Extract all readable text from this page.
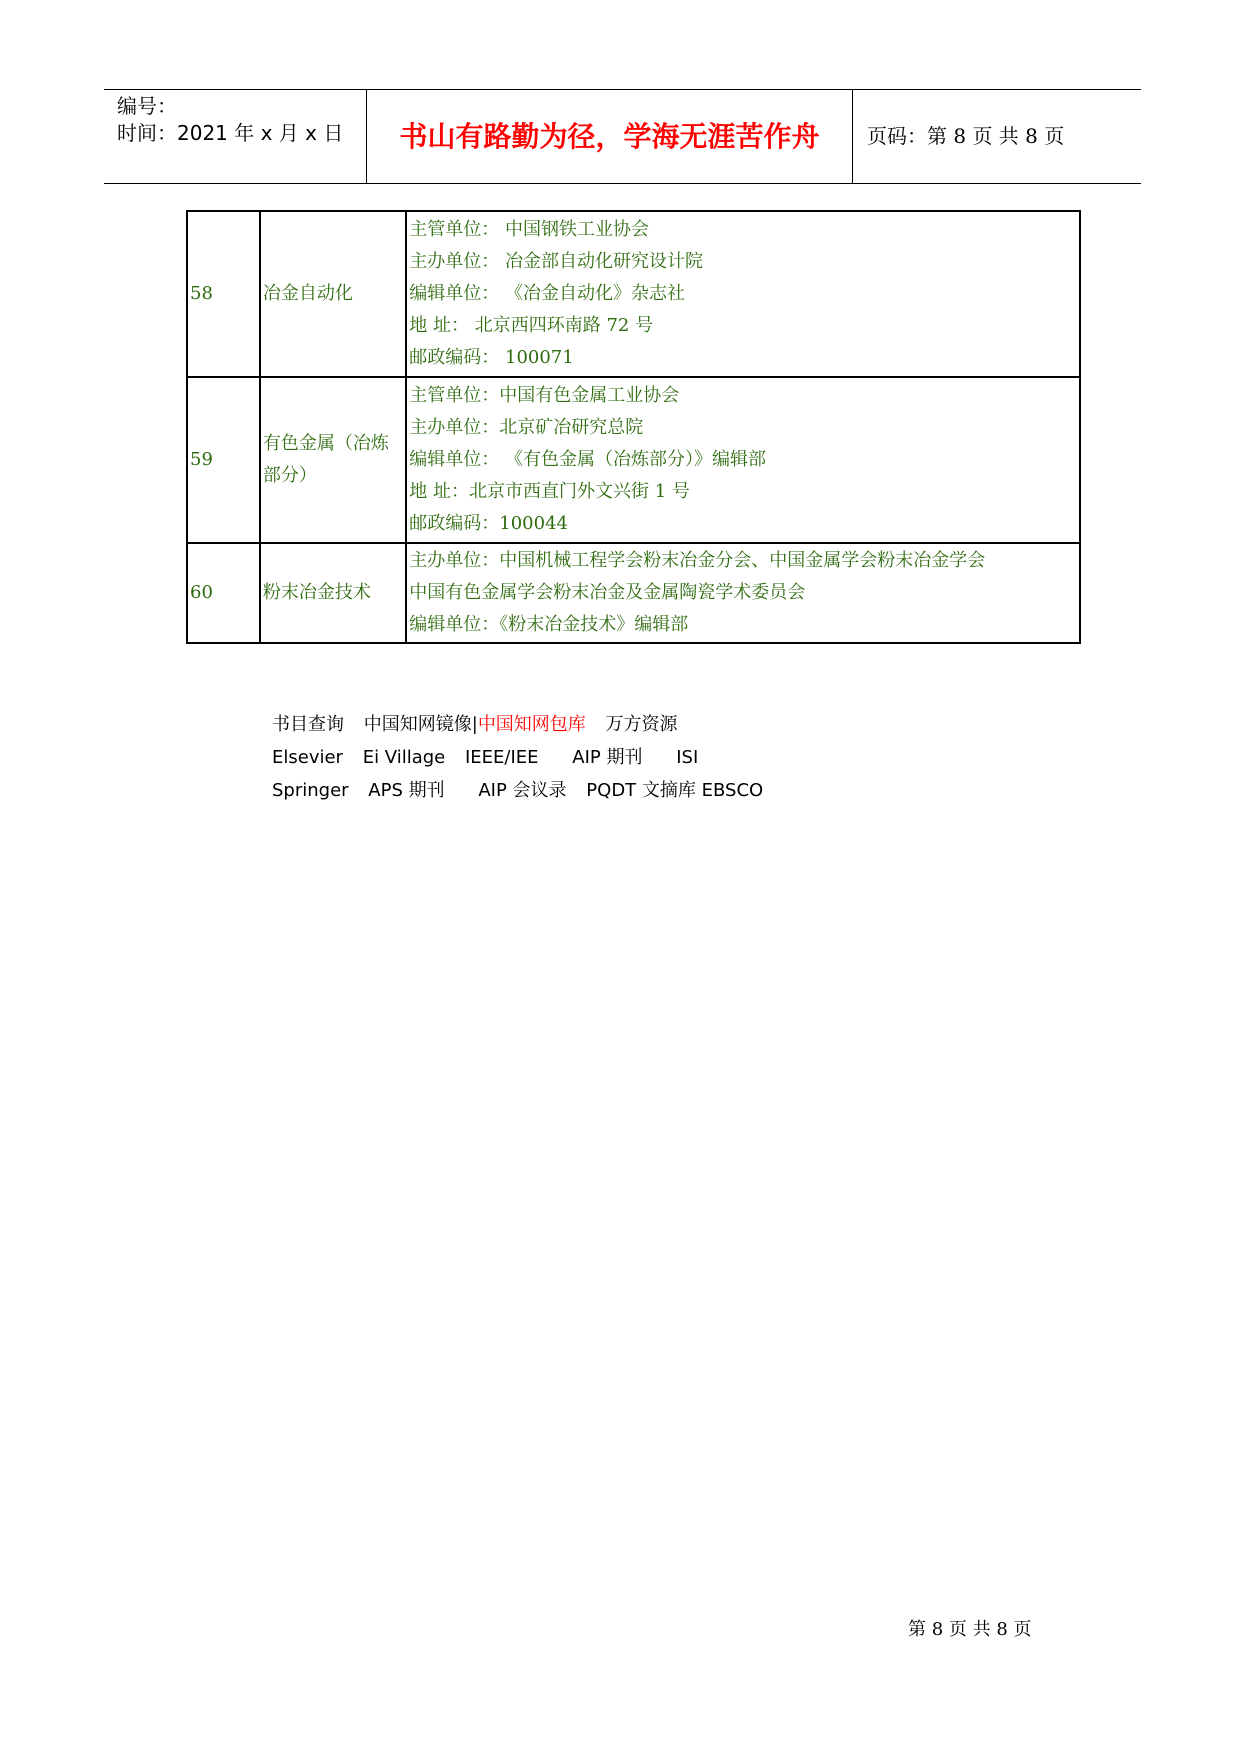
编号：
时间：2021 年 x 月 x 日	书山有路勤为径，学海无涯苦作舟	页码：第 8 页 共 8 页
58	冶金自动化	主管单位： 中国钢铁工业协会
主办单位： 冶金部自动化研究设计院
编辑单位： 《冶金自动化》杂志社
地 址： 北京西四环南路 72 号
邮政编码： 100071

59	有色金属（冶炼部分）	主管单位：中国有色金属工业协会
主办单位：北京矿冶研究总院
编辑单位： 《有色金属（冶炼部分）》编辑部
地 址：北京市西直门外文兴街 1 号
邮政编码：100044

60	粉末冶金技术	主办单位：中国机械工程学会粉末冶金分会、中国金属学会粉末冶金学会
中国有色金属学会粉末冶金及金属陶瓷学术委员会
编辑单位：《粉末冶金技术》编辑部
书目查询 中国知网镜像|中国知网包库 万方资源
Elsevier Ei Village IEEE/IEE AIP 期刊 ISI
Springer APS 期刊 AIP 会议录 PQDT 文摘库 EBSCO
第 8 页 共 8 页
